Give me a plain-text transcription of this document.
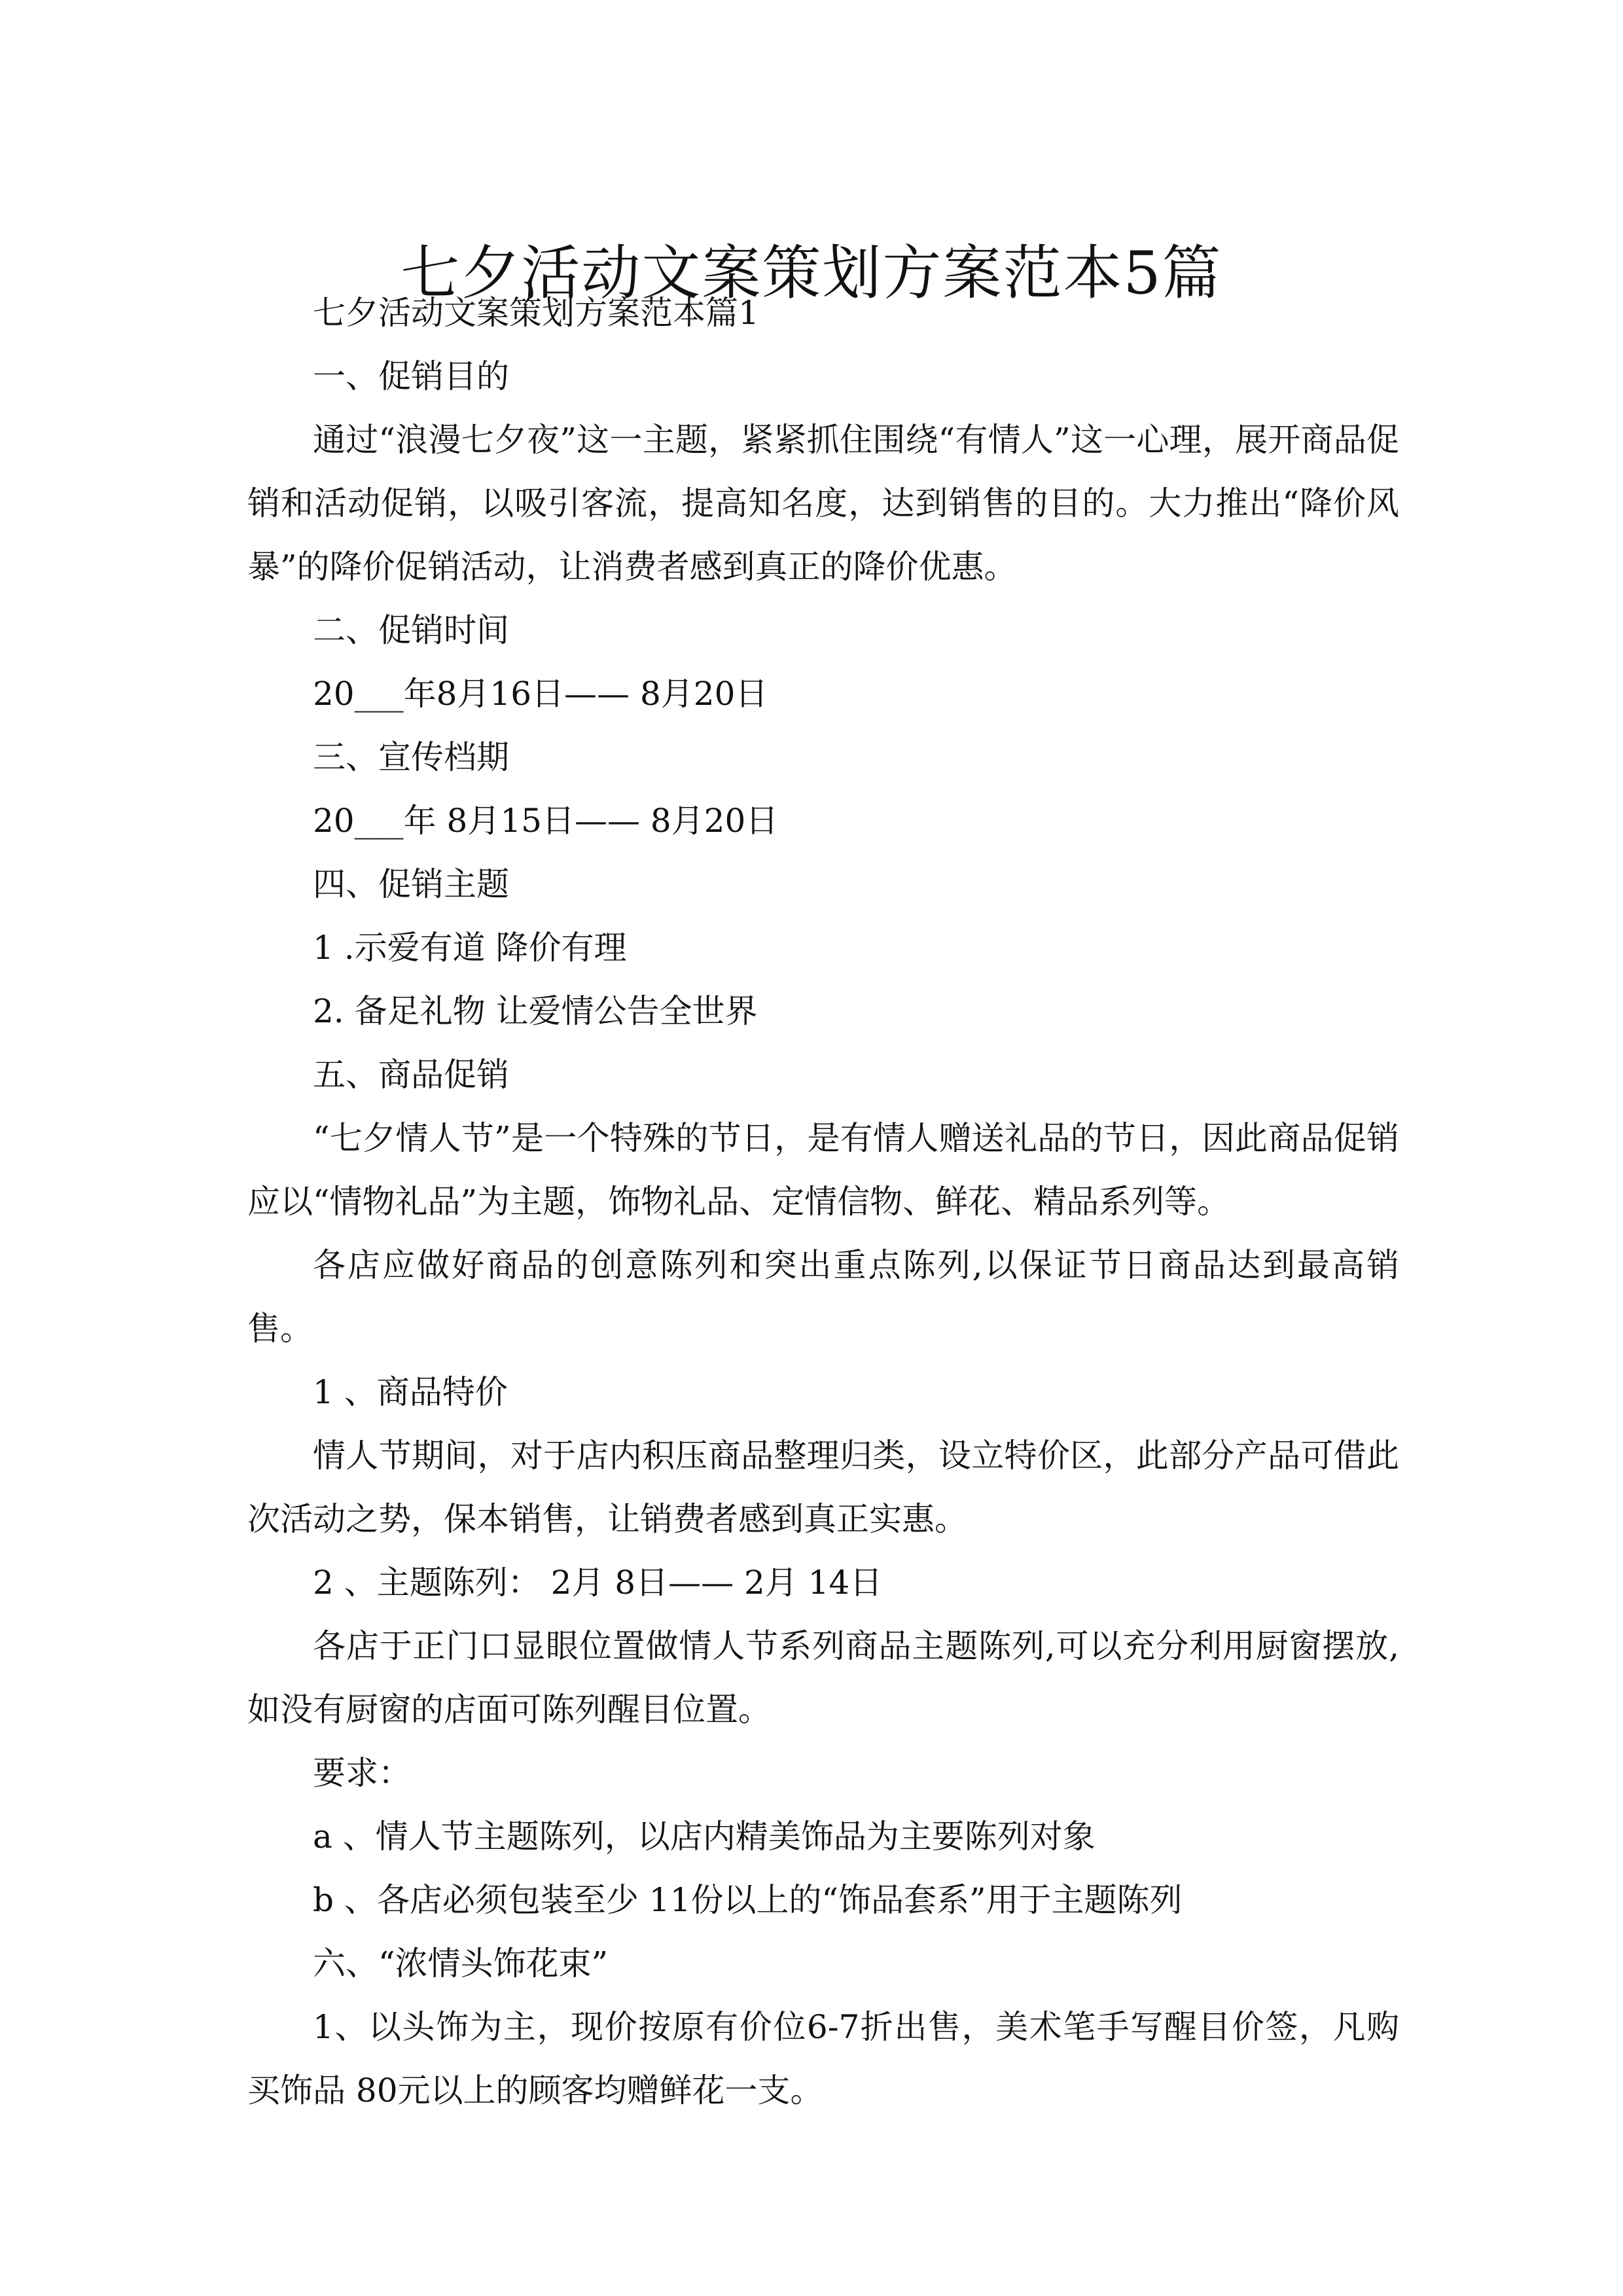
七夕活动文案策划方案范本5篇

七夕活动文案策划方案范本篇1

一、促销目的

通过“浪漫七夕夜”这一主题，紧紧抓住围绕“有情人”这一心理，展开商品促销和活动促销，以吸引客流，提高知名度，达到销售的目的。大力推出“降价风暴”的降价促销活动，让消费者感到真正的降价优惠。

二、促销时间

20___年8月16日—— 8月20日

三、宣传档期

20___年 8月15日—— 8月20日

四、促销主题

1 .示爱有道 降价有理

2. 备足礼物 让爱情公告全世界

五、商品促销

“七夕情人节”是一个特殊的节日，是有情人赠送礼品的节日，因此商品促销应以“情物礼品”为主题，饰物礼品、定情信物、鲜花、精品系列等。

各店应做好商品的创意陈列和突出重点陈列,以保证节日商品达到最高销售。

1 、商品特价

情人节期间，对于店内积压商品整理归类，设立特价区，此部分产品可借此次活动之势，保本销售，让销费者感到真正实惠。

2 、主题陈列： 2月 8日—— 2月 14日

各店于正门口显眼位置做情人节系列商品主题陈列,可以充分利用厨窗摆放,如没有厨窗的店面可陈列醒目位置。

要求：

a 、情人节主题陈列，以店内精美饰品为主要陈列对象

b 、各店必须包装至少 11份以上的“饰品套系”用于主题陈列

六、“浓情头饰花束”

1、以头饰为主，现价按原有价位6-7折出售，美术笔手写醒目价签，凡购买饰品 80元以上的顾客均赠鲜花一支。
